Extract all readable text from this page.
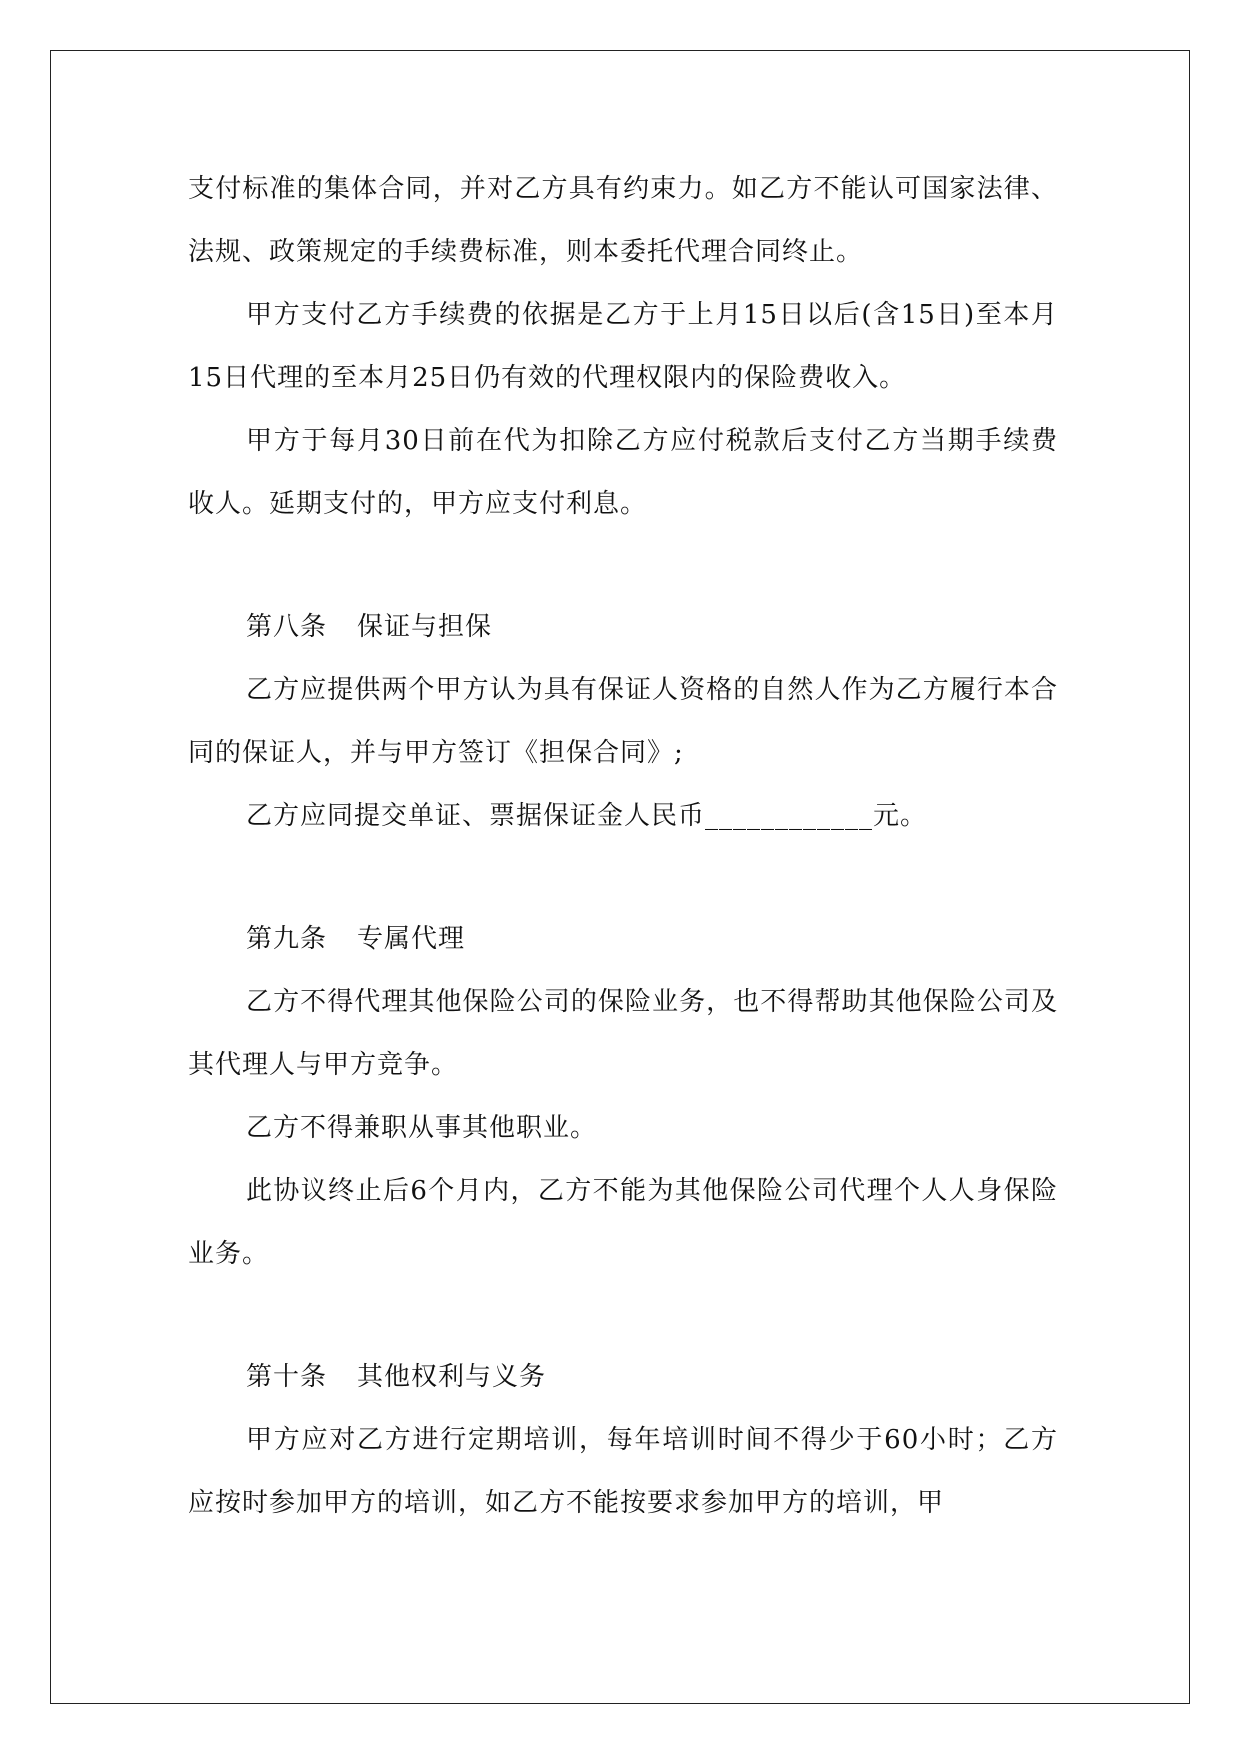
支付标准的集体合同，并对乙方具有约束力。如乙方不能认可国家法律、法规、政策规定的手续费标准，则本委托代理合同终止。

甲方支付乙方手续费的依据是乙方于上月15日以后(含15日)至本月15日代理的至本月25日仍有效的代理权限内的保险费收入。

甲方于每月30日前在代为扣除乙方应付税款后支付乙方当期手续费收人。延期支付的，甲方应支付利息。

第八条 保证与担保

乙方应提供两个甲方认为具有保证人资格的自然人作为乙方履行本合同的保证人，并与甲方签订《担保合同》;

乙方应同提交单证、票据保证金人民币____________元。

第九条 专属代理

乙方不得代理其他保险公司的保险业务，也不得帮助其他保险公司及其代理人与甲方竞争。

乙方不得兼职从事其他职业。

此协议终止后6个月内，乙方不能为其他保险公司代理个人人身保险业务。

第十条 其他权利与义务

甲方应对乙方进行定期培训，每年培训时间不得少于60小时；乙方应按时参加甲方的培训，如乙方不能按要求参加甲方的培训，甲
